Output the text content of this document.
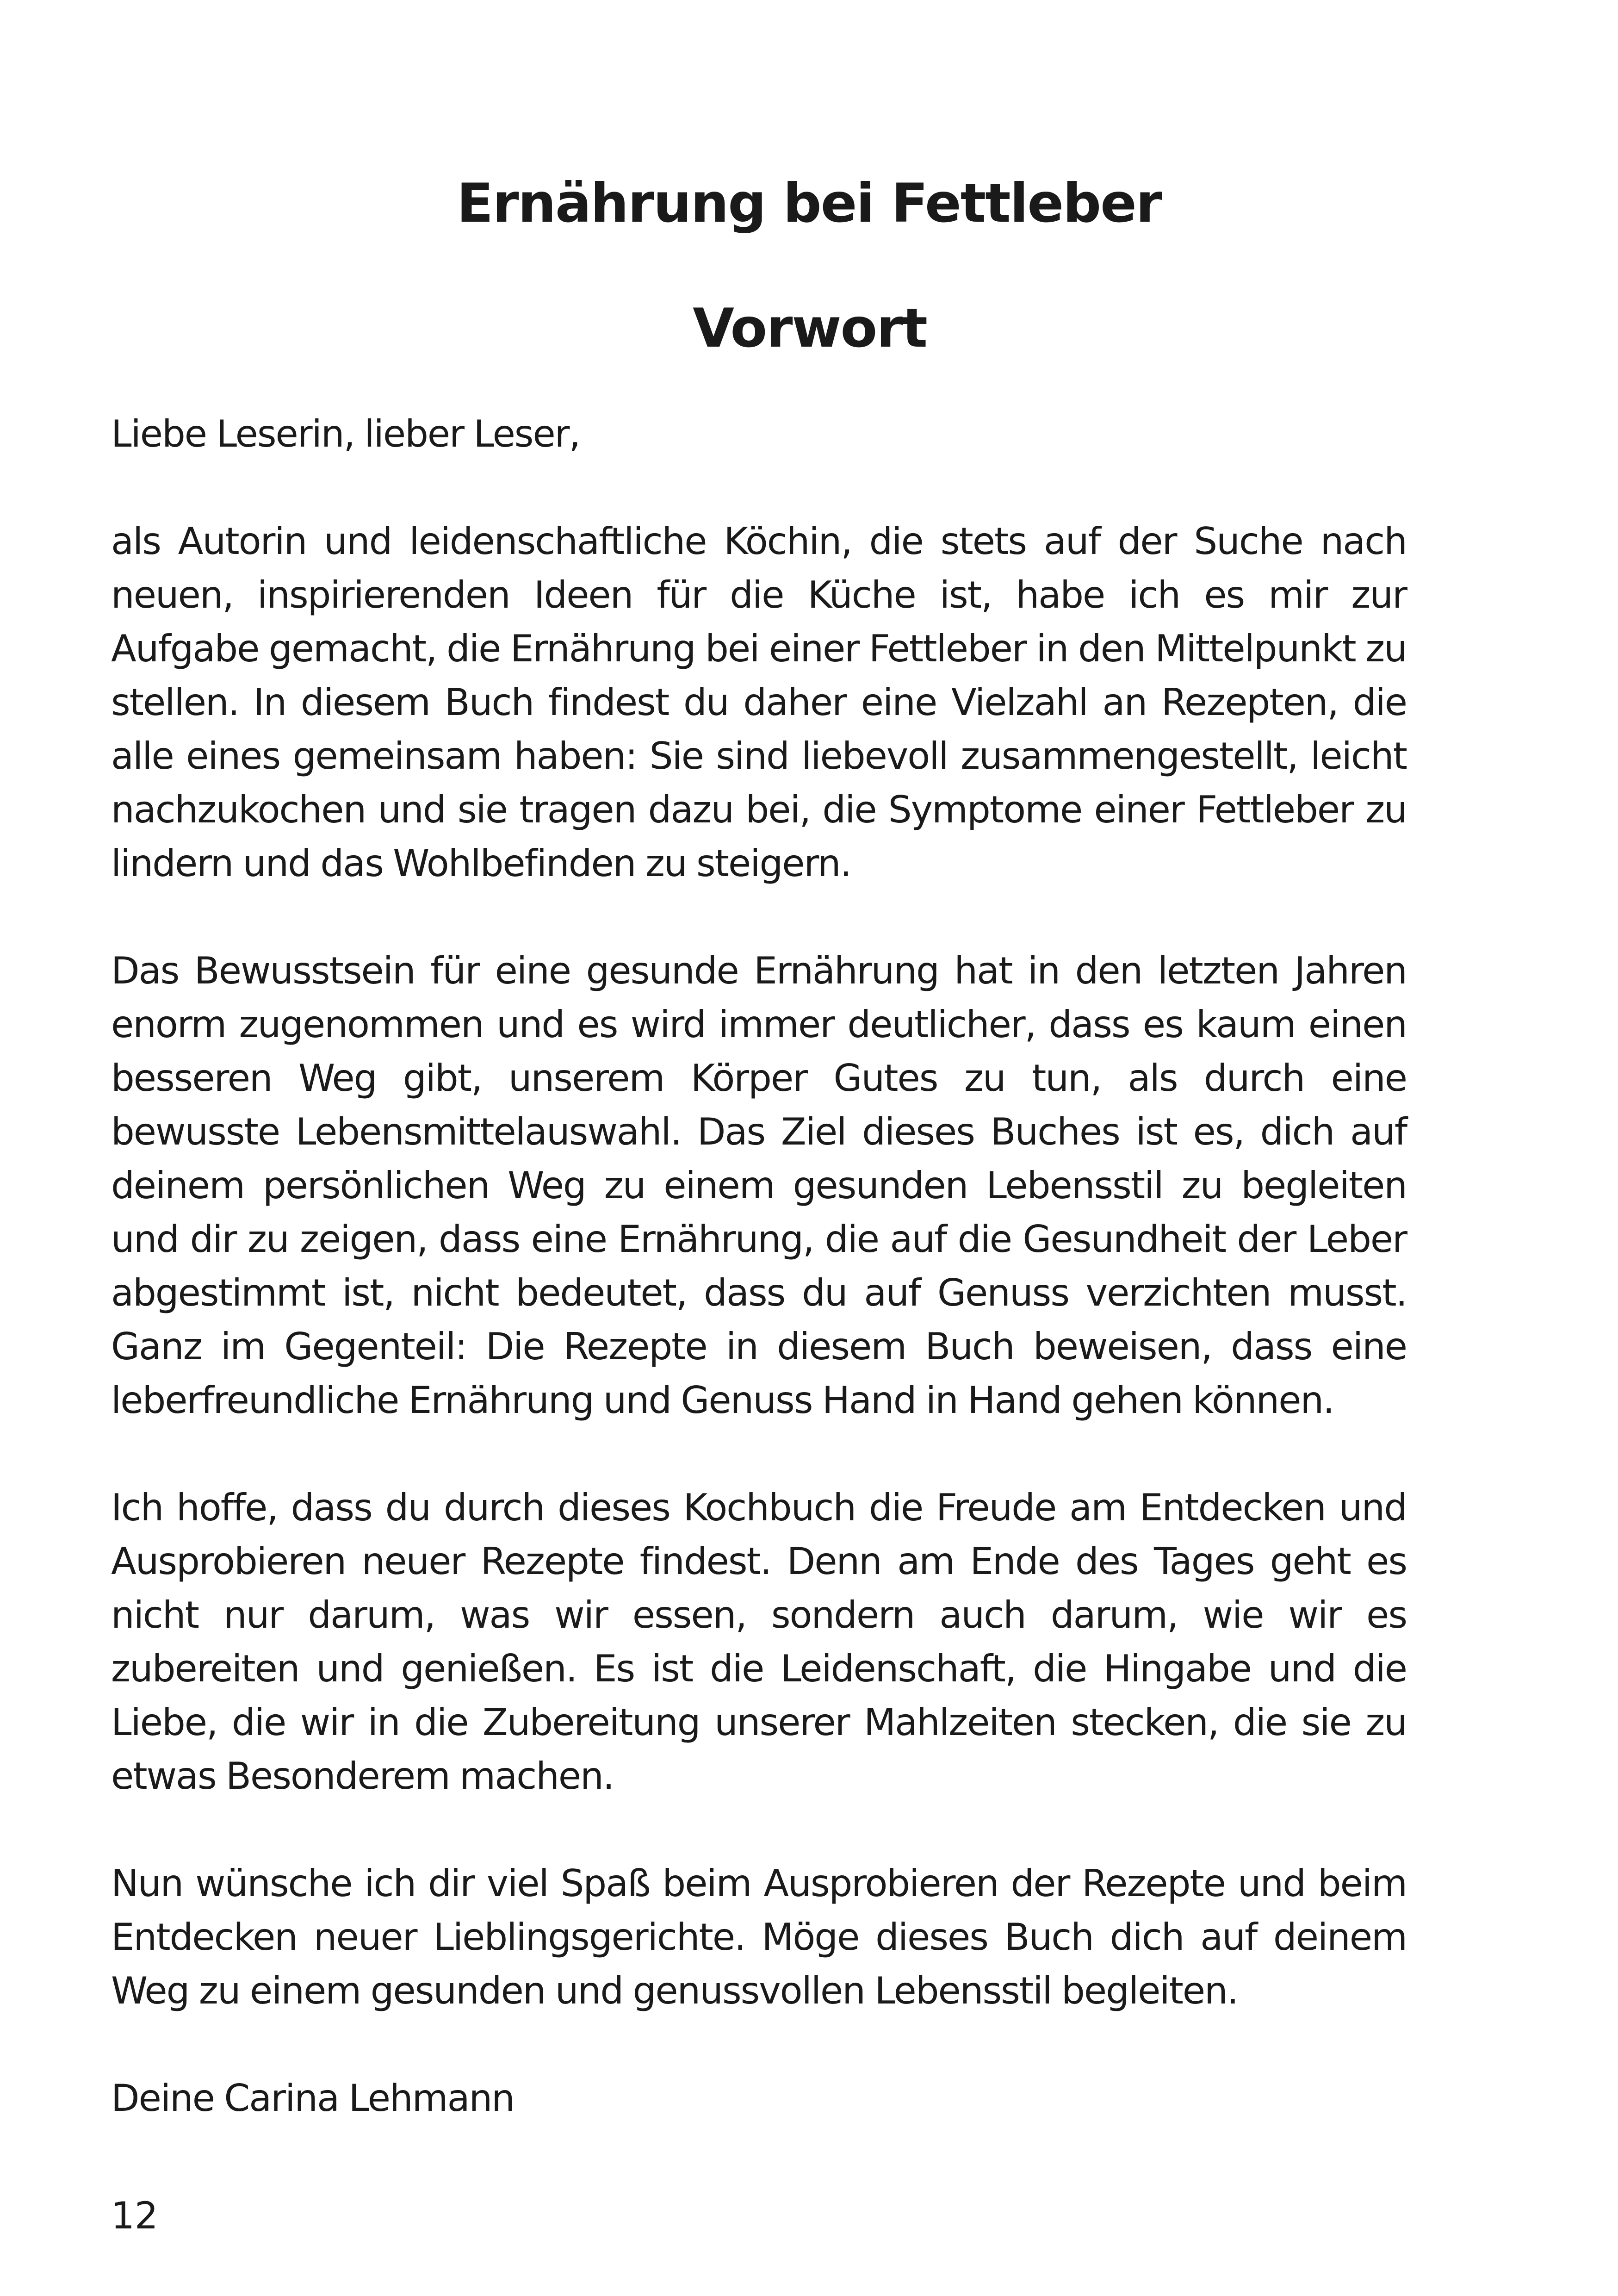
Ernährung bei Fettleber
Vorwort

Liebe Leserin, lieber Leser,

als Autorin und leidenschaftliche Köchin, die stets auf der Suche nach neuen, inspirierenden Ideen für die Küche ist, habe ich es mir zur Aufgabe gemacht, die Ernährung bei einer Fettleber in den Mittelpunkt zu stellen. In diesem Buch findest du daher eine Vielzahl an Rezepten, die alle eines gemeinsam haben: Sie sind liebevoll zusammengestellt, leicht nachzukochen und sie tragen dazu bei, die Symptome einer Fettleber zu lindern und das Wohlbefinden zu steigern.

Das Bewusstsein für eine gesunde Ernährung hat in den letzten Jahren enorm zugenommen und es wird immer deutlicher, dass es kaum einen besseren Weg gibt, unserem Körper Gutes zu tun, als durch eine bewusste Lebensmittelauswahl. Das Ziel dieses Buches ist es, dich auf deinem persönlichen Weg zu einem gesunden Lebensstil zu begleiten und dir zu zeigen, dass eine Ernährung, die auf die Gesundheit der Leber abgestimmt ist, nicht bedeutet, dass du auf Genuss verzichten musst. Ganz im Gegenteil: Die Rezepte in diesem Buch beweisen, dass eine leberfreundliche Ernährung und Genuss Hand in Hand gehen können.

Ich hoffe, dass du durch dieses Kochbuch die Freude am Entdecken und Ausprobieren neuer Rezepte findest. Denn am Ende des Tages geht es nicht nur darum, was wir essen, sondern auch darum, wie wir es zubereiten und genießen. Es ist die Leidenschaft, die Hingabe und die Liebe, die wir in die Zubereitung unserer Mahlzeiten stecken, die sie zu etwas Besonderem machen.

Nun wünsche ich dir viel Spaß beim Ausprobieren der Rezepte und beim Entdecken neuer Lieblingsgerichte. Möge dieses Buch dich auf deinem Weg zu einem gesunden und genussvollen Lebensstil begleiten.

Deine Carina Lehmann

12
